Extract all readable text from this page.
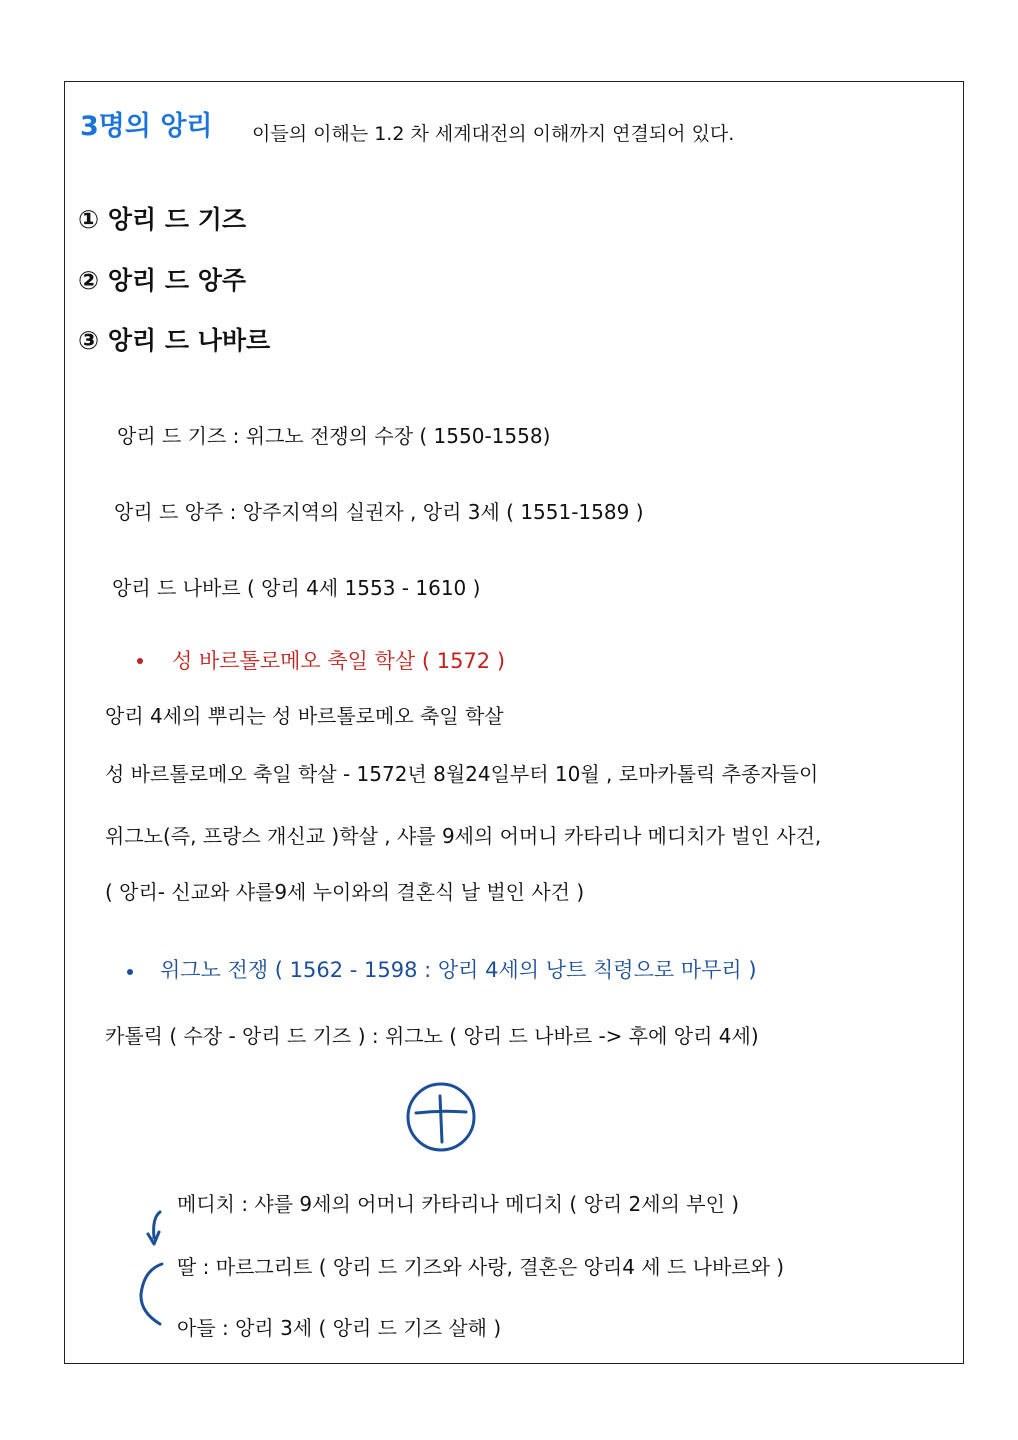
3명의 앙리 이들의 이해는 1.2 차 세계대전의 이해까지 연결되어 있다.
① 앙리 드 기즈
② 앙리 드 앙주
③ 앙리 드 나바르
앙리 드 기즈 : 위그노 전쟁의 수장 ( 1550-1558)
앙리 드 앙주 : 앙주지역의 실권자 , 앙리 3세 ( 1551-1589 )
앙리 드 나바르 ( 앙리 4세 1553 - 1610 )
성 바르톨로메오 축일 학살 ( 1572 )
앙리 4세의 뿌리는 성 바르톨로메오 축일 학살
성 바르톨로메오 축일 학살 - 1572년 8월24일부터 10월 , 로마카톨릭 추종자들이
위그노(즉, 프랑스 개신교 )학살 , 샤를 9세의 어머니 카타리나 메디치가 벌인 사건,
( 앙리- 신교와 샤를9세 누이와의 결혼식 날 벌인 사건 )
위그노 전쟁 ( 1562 - 1598 : 앙리 4세의 낭트 칙령으로 마무리 )
카톨릭 ( 수장 - 앙리 드 기즈 ) : 위그노 ( 앙리 드 나바르 -> 후에 앙리 4세)
메디치 : 샤를 9세의 어머니 카타리나 메디치 ( 앙리 2세의 부인 )
딸 : 마르그리트 ( 앙리 드 기즈와 사랑, 결혼은 앙리4 세 드 나바르와 )
아들 : 앙리 3세 ( 앙리 드 기즈 살해 )
